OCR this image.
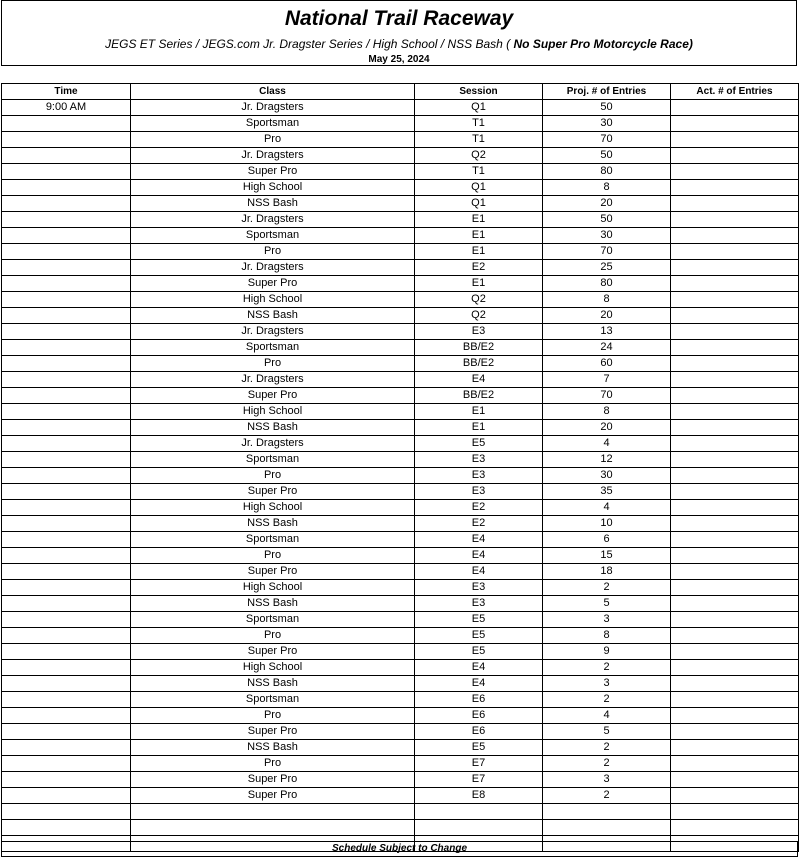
National Trail Raceway
JEGS ET Series / JEGS.com Jr. Dragster Series / High School / NSS Bash ( No Super Pro Motorcycle Race)
May 25, 2024
Time	Class	Session	Proj. # of Entries	Act. # of Entries
9:00 AM	Jr. Dragsters	Q1	50	
	Sportsman	T1	30	
	Pro	T1	70	
	Jr. Dragsters	Q2	50	
	Super Pro	T1	80	
	High School	Q1	8	
	NSS Bash	Q1	20	
	Jr. Dragsters	E1	50	
	Sportsman	E1	30	
	Pro	E1	70	
	Jr. Dragsters	E2	25	
	Super Pro	E1	80	
	High School	Q2	8	
	NSS Bash	Q2	20	
	Jr. Dragsters	E3	13	
	Sportsman	BB/E2	24	
	Pro	BB/E2	60	
	Jr. Dragsters	E4	7	
	Super Pro	BB/E2	70	
	High School	E1	8	
	NSS Bash	E1	20	
	Jr. Dragsters	E5	4	
	Sportsman	E3	12	
	Pro	E3	30	
	Super Pro	E3	35	
	High School	E2	4	
	NSS Bash	E2	10	
	Sportsman	E4	6	
	Pro	E4	15	
	Super Pro	E4	18	
	High School	E3	2	
	NSS Bash	E3	5	
	Sportsman	E5	3	
	Pro	E5	8	
	Super Pro	E5	9	
	High School	E4	2	
	NSS Bash	E4	3	
	Sportsman	E6	2	
	Pro	E6	4	
	Super Pro	E6	5	
	NSS Bash	E5	2	
	Pro	E7	2	
	Super Pro	E7	3	
	Super Pro	E8	2	

Schedule Subject to Change
